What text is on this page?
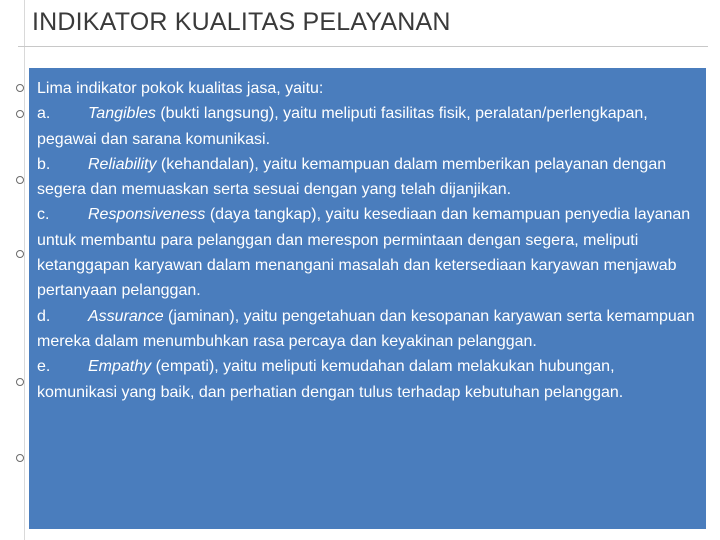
INDIKATOR KUALITAS PELAYANAN

Lima indikator pokok kualitas jasa, yaitu:

a. Tangibles (bukti langsung), yaitu meliputi fasilitas fisik, peralatan/perlengkapan, pegawai dan sarana komunikasi.

b. Reliability (kehandalan), yaitu kemampuan dalam memberikan pelayanan dengan segera dan memuaskan serta sesuai dengan yang telah dijanjikan.

c. Responsiveness (daya tangkap), yaitu kesediaan dan kemampuan penyedia layanan untuk membantu para pelanggan dan merespon permintaan dengan segera, meliputi ketanggapan karyawan dalam menangani masalah dan ketersediaan karyawan menjawab pertanyaan pelanggan.

d. Assurance (jaminan), yaitu pengetahuan dan kesopanan karyawan serta kemampuan mereka dalam menumbuhkan rasa percaya dan keyakinan pelanggan.

e. Empathy (empati), yaitu meliputi kemudahan dalam melakukan hubungan, komunikasi yang baik, dan perhatian dengan tulus terhadap kebutuhan pelanggan.
